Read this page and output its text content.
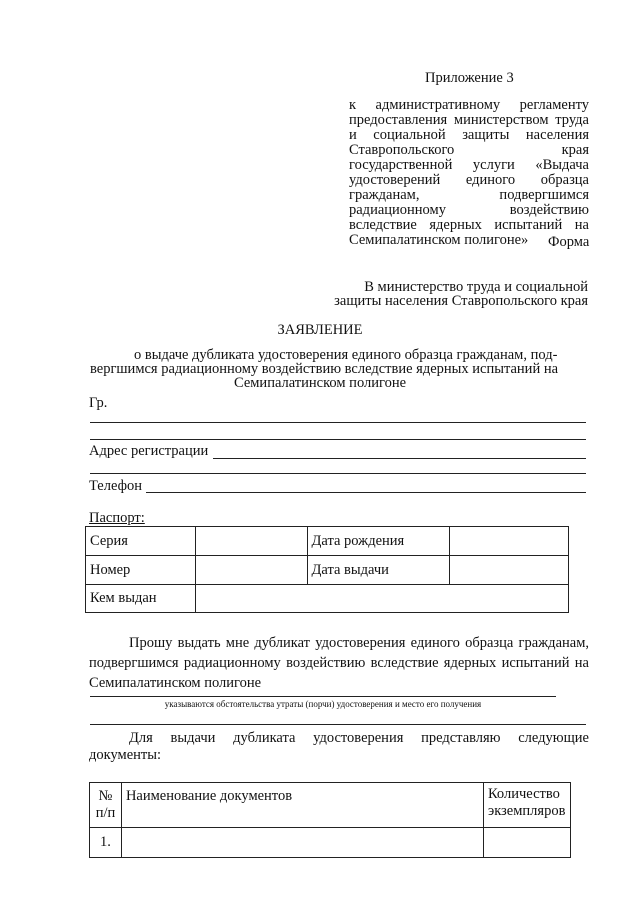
Приложение 3
к административному регламенту предоставления министерством труда и социальной защиты населения Ставропольского края государственной услуги «Выдача удостоверений единого образца гражданам, подвергшимся радиационному воздействию вследствие ядерных испытаний на Семипалатинском полигоне»	Форма
В министерство труда и социальной
защиты населения Ставропольского края
ЗАЯВЛЕНИЕ
о выдаче дубликата удостоверения единого образца гражданам, под-
вергшимся радиационному воздействию вследствие ядерных испытаний на
Семипалатинском полигоне
Гр.
Адрес регистрации
Телефон
Паспорт:
Серия		Дата рождения	
Номер		Дата выдачи	
Кем выдан			
Прошу выдать мне дубликат удостоверения единого образца гражданам, подвергшимся радиационному воздействию вследствие ядерных испытаний на Семипалатинском полигоне
указываются обстоятельства утраты (порчи) удостоверения и место его получения
Для выдачи дубликата удостоверения представляю следующие документы:
№ п/п	Наименование документов	Количество экземпляров
1.		
